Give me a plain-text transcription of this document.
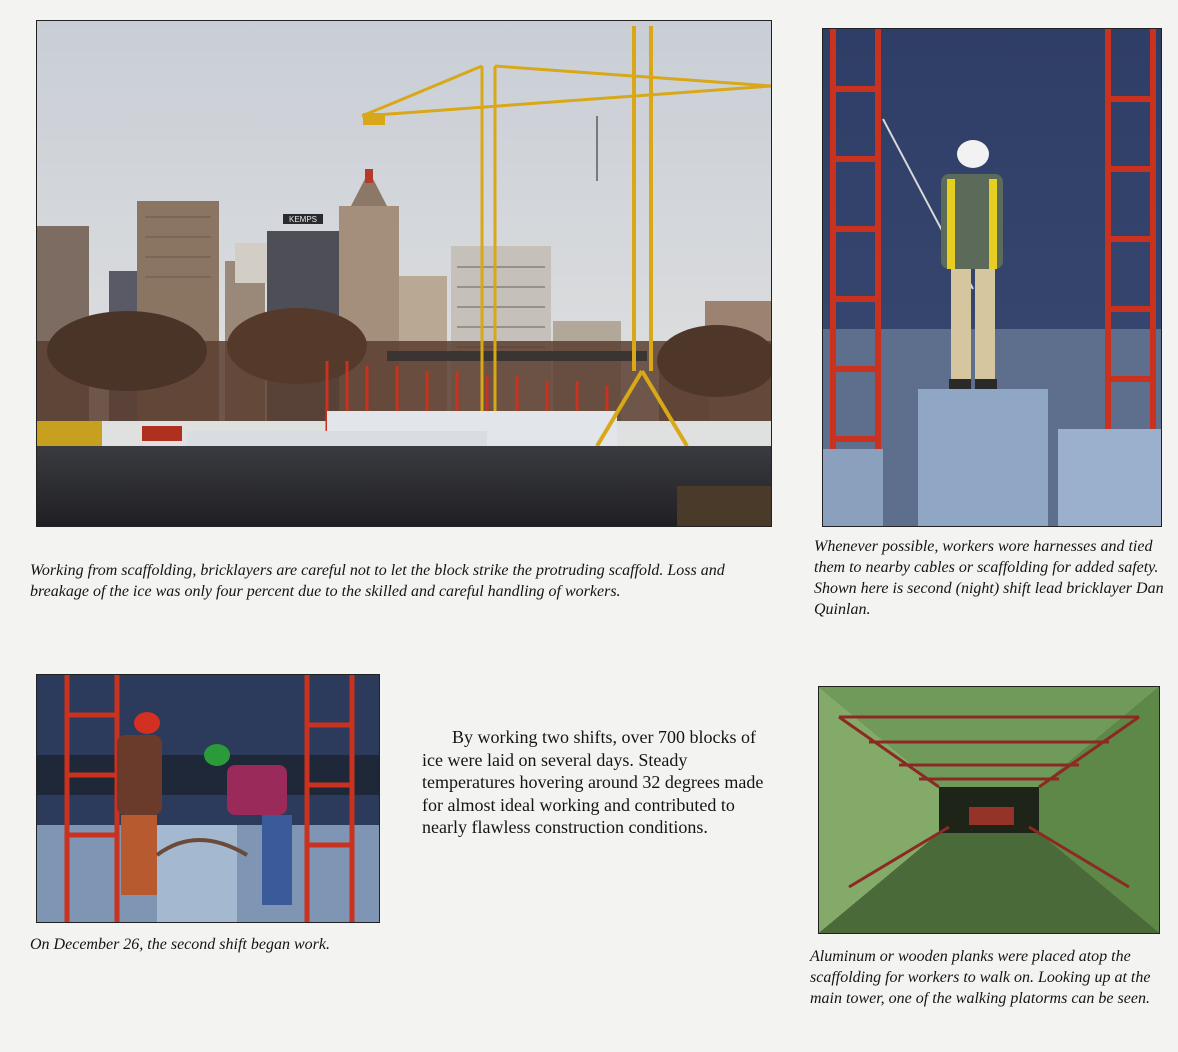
KEMPS
Working from scaffolding, bricklayers are careful not to let the block strike the protruding scaffold. Loss and breakage of the ice was only four percent due to the skilled and careful handling of workers.
Whenever possible, workers wore harnesses and tied them to nearby cables or scaffolding for added safety. Shown here is second (night) shift lead bricklayer Dan Quinlan.
On December 26, the second shift began work.

By working two shifts, over 700 blocks of ice were laid on several days. Steady temperatures hovering around 32 degrees made for almost ideal working and contributed to nearly flawless construction conditions.

Aluminum or wooden planks were placed atop the scaffolding for workers to walk on. Looking up at the main tower, one of the walking platorms can be seen.
